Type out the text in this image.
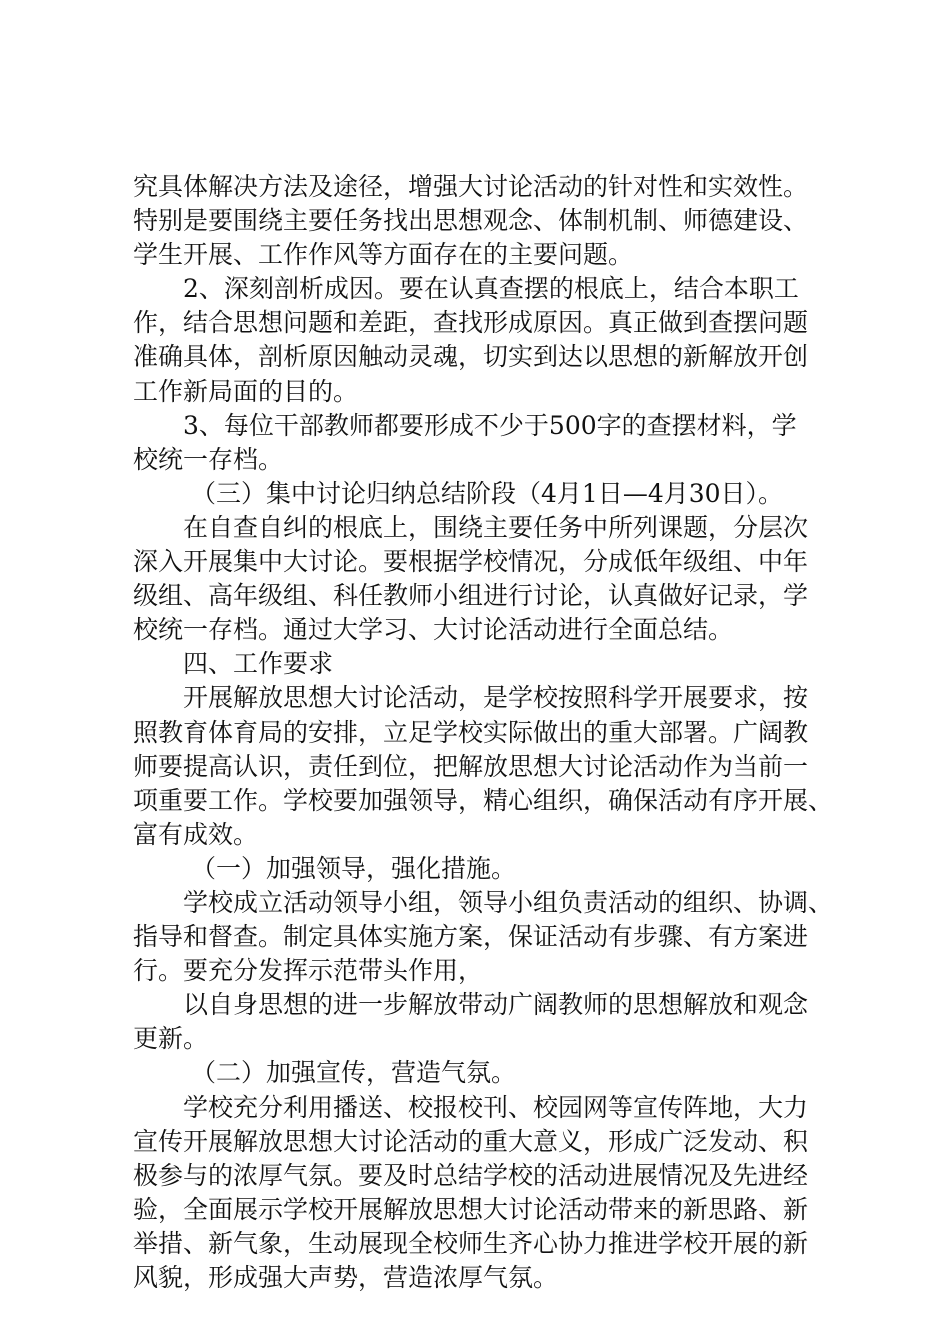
究具体解决方法及途径，增强大讨论活动的针对性和实效性。
特别是要围绕主要任务找出思想观念、体制机制、师德建设、
学生开展、工作作风等方面存在的主要问题。
2、深刻剖析成因。要在认真查摆的根底上，结合本职工
作，结合思想问题和差距，查找形成原因。真正做到查摆问题
准确具体，剖析原因触动灵魂，切实到达以思想的新解放开创
工作新局面的目的。
3、每位干部教师都要形成不少于500字的查摆材料，学
校统一存档。
（三）集中讨论归纳总结阶段（4月1日—4月30日）。
在自查自纠的根底上，围绕主要任务中所列课题，分层次
深入开展集中大讨论。要根据学校情况，分成低年级组、中年
级组、高年级组、科任教师小组进行讨论，认真做好记录，学
校统一存档。通过大学习、大讨论活动进行全面总结。
四、工作要求
开展解放思想大讨论活动，是学校按照科学开展要求，按
照教育体育局的安排，立足学校实际做出的重大部署。广阔教
师要提高认识，责任到位，把解放思想大讨论活动作为当前一
项重要工作。学校要加强领导，精心组织，确保活动有序开展、
富有成效。
（一）加强领导，强化措施。
学校成立活动领导小组，领导小组负责活动的组织、协调、
指导和督查。制定具体实施方案，保证活动有步骤、有方案进
行。要充分发挥示范带头作用，
以自身思想的进一步解放带动广阔教师的思想解放和观念
更新。
（二）加强宣传，营造气氛。
学校充分利用播送、校报校刊、校园网等宣传阵地，大力
宣传开展解放思想大讨论活动的重大意义，形成广泛发动、积
极参与的浓厚气氛。要及时总结学校的活动进展情况及先进经
验，全面展示学校开展解放思想大讨论活动带来的新思路、新
举措、新气象，生动展现全校师生齐心协力推进学校开展的新
风貌，形成强大声势，营造浓厚气氛。
